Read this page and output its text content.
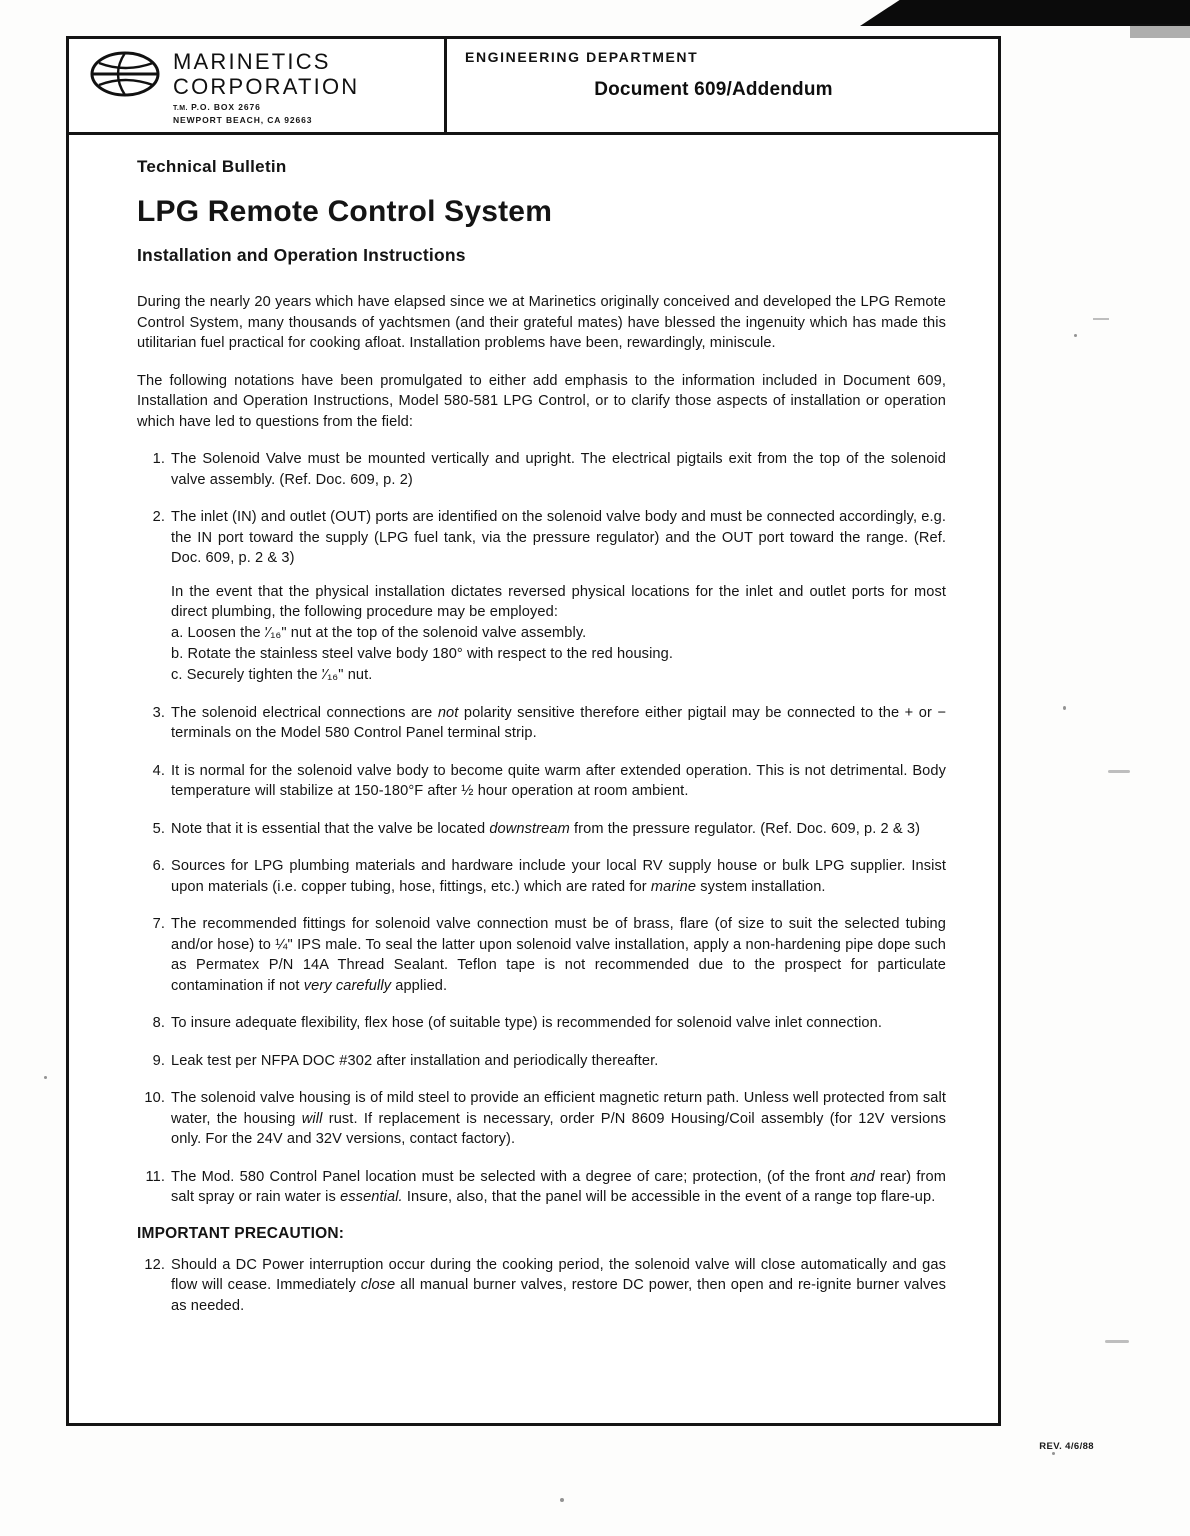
MARINETICS
CORPORATION
T.M. P.O. BOX 2676
NEWPORT BEACH, CA 92663
ENGINEERING DEPARTMENT
Document 609/Addendum
Technical Bulletin
LPG Remote Control System
Installation and Operation Instructions

During the nearly 20 years which have elapsed since we at Marinetics originally conceived and developed the LPG Remote Control System, many thousands of yachtsmen (and their grateful mates) have blessed the ingenuity which has made this utilitarian fuel practical for cooking afloat. Installation problems have been, rewardingly, miniscule.

The following notations have been promulgated to either add emphasis to the information included in Document 609, Installation and Operation Instructions, Model 580-581 LPG Control, or to clarify those aspects of installation or operation which have led to questions from the field:

1. The Solenoid Valve must be mounted vertically and upright. The electrical pigtails exit from the top of the solenoid valve assembly. (Ref. Doc. 609, p. 2)
2. The inlet (IN) and outlet (OUT) ports are identified on the solenoid valve body and must be connected accordingly, e.g. the IN port toward the supply (LPG fuel tank, via the pressure regulator) and the OUT port toward the range. (Ref. Doc. 609, p. 2 & 3)
In the event that the physical installation dictates reversed physical locations for the inlet and outlet ports for most direct plumbing, the following procedure may be employed:
a. Loosen the '⁄₁₆" nut at the top of the solenoid valve assembly.
b. Rotate the stainless steel valve body 180° with respect to the red housing.
c. Securely tighten the '⁄₁₆" nut.
3. The solenoid electrical connections are not polarity sensitive therefore either pigtail may be connected to the + or − terminals on the Model 580 Control Panel terminal strip.
4. It is normal for the solenoid valve body to become quite warm after extended operation. This is not detrimental. Body temperature will stabilize at 150-180°F after ½ hour operation at room ambient.
5. Note that it is essential that the valve be located downstream from the pressure regulator. (Ref. Doc. 609, p. 2 & 3)
6. Sources for LPG plumbing materials and hardware include your local RV supply house or bulk LPG supplier. Insist upon materials (i.e. copper tubing, hose, fittings, etc.) which are rated for marine system installation.
7. The recommended fittings for solenoid valve connection must be of brass, flare (of size to suit the selected tubing and/or hose) to ¼" IPS male. To seal the latter upon solenoid valve installation, apply a non-hardening pipe dope such as Permatex P/N 14A Thread Sealant. Teflon tape is not recommended due to the prospect for particulate contamination if not very carefully applied.
8. To insure adequate flexibility, flex hose (of suitable type) is recommended for solenoid valve inlet connection.
9. Leak test per NFPA DOC #302 after installation and periodically thereafter.
10. The solenoid valve housing is of mild steel to provide an efficient magnetic return path. Unless well protected from salt water, the housing will rust. If replacement is necessary, order P/N 8609 Housing/Coil assembly (for 12V versions only. For the 24V and 32V versions, contact factory).
11. The Mod. 580 Control Panel location must be selected with a degree of care; protection, (of the front and rear) from salt spray or rain water is essential. Insure, also, that the panel will be accessible in the event of a range top flare-up.
IMPORTANT PRECAUTION:
12. Should a DC Power interruption occur during the cooking period, the solenoid valve will close automatically and gas flow will cease. Immediately close all manual burner valves, restore DC power, then open and re-ignite burner valves as needed.
REV. 4/6/88
